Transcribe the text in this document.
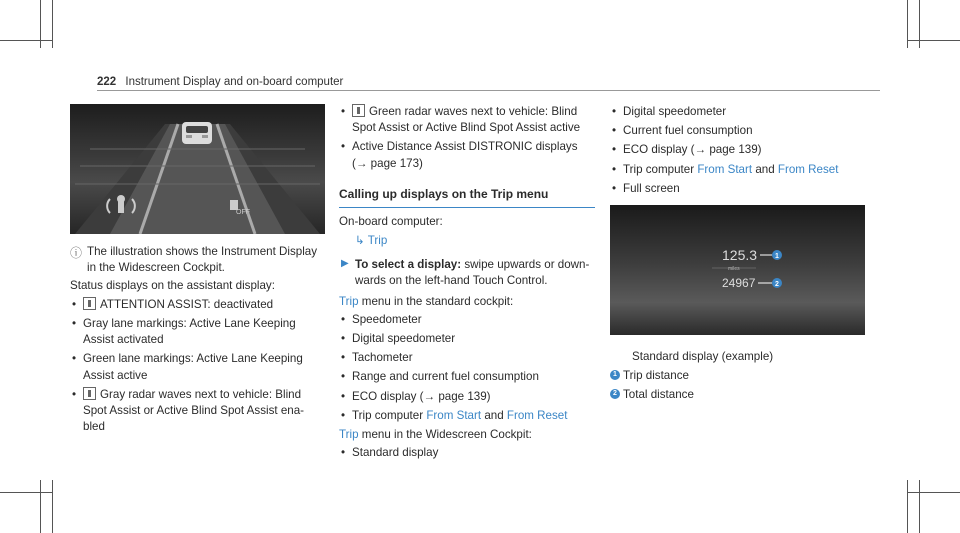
222 Instrument Display and on-board computer
OFF
ⓘ The illustration shows the Instrument Display in the Widescreen Cockpit.

Status displays on the assistant display:

• ATTENTION ASSIST: deactivated
• Gray lane markings: Active Lane Keeping Assist activated
• Green lane markings: Active Lane Keeping Assist active
• Gray radar waves next to vehicle: Blind Spot Assist or Active Blind Spot Assist ena- bled
• Green radar waves next to vehicle: Blind Spot Assist or Active Blind Spot Assist active
• Active Distance Assist DISTRONIC displays (→ page 173)
Calling up displays on the Trip menu

On-board computer:

↳ Trip
▶ To select a display: swipe upwards or down- wards on the left-hand Touch Control.

Trip menu in the standard cockpit:

• Speedometer
• Digital speedometer
• Tachometer
• Range and current fuel consumption
• ECO display (→ page 139)
• Trip computer From Start and From Reset

Trip menu in the Widescreen Cockpit:

• Standard display
• Digital speedometer
• Current fuel consumption
• ECO display (→ page 139)
• Trip computer From Start and From Reset
• Full screen
125.3
miles
24967
1
2

Standard display (example)

1 Trip distance
2 Total distance
